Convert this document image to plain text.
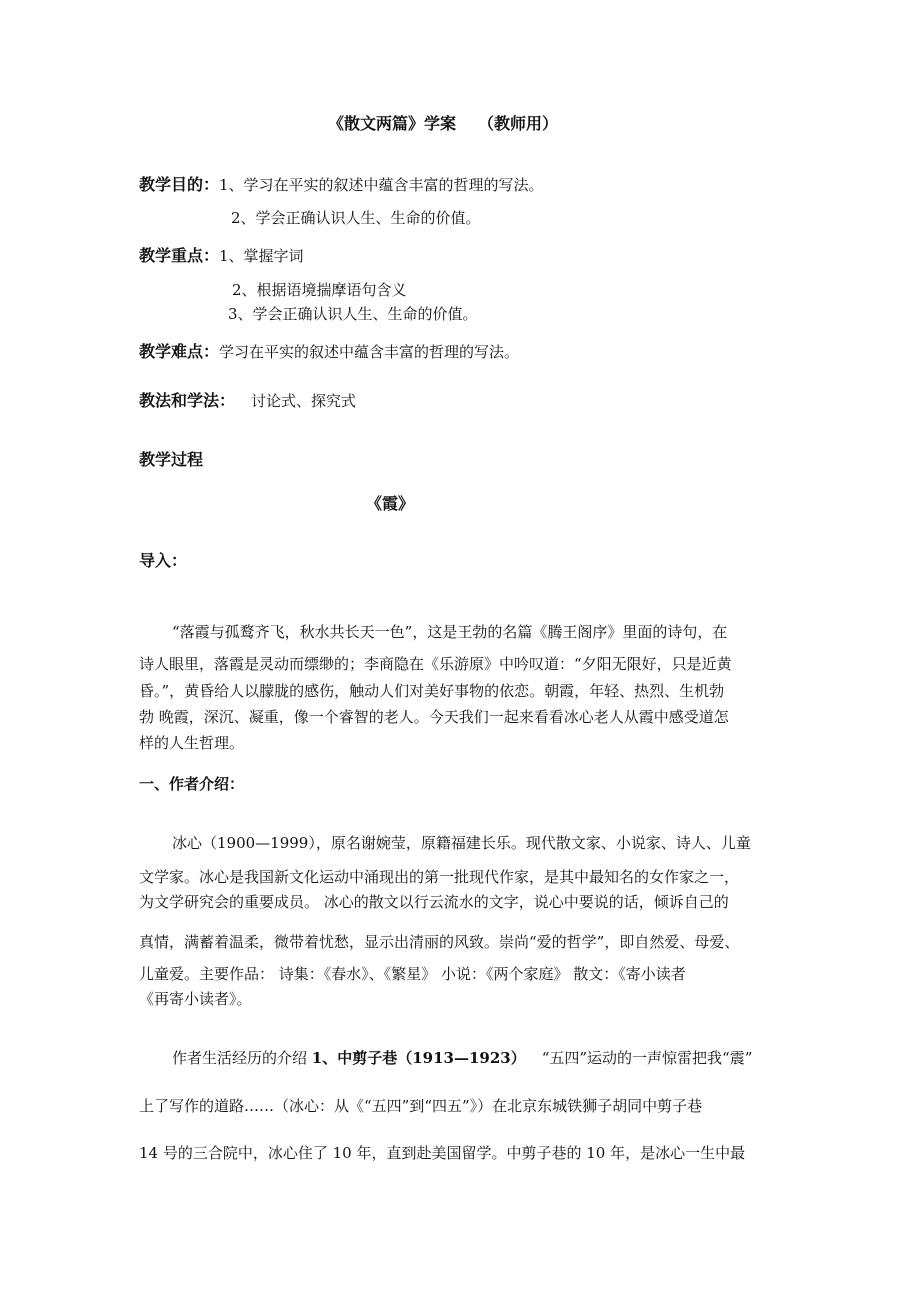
《散文两篇》学案 （教师用）
教学目的：1、学习在平实的叙述中蕴含丰富的哲理的写法。
2、学会正确认识人生、生命的价值。
教学重点：1、掌握字词
2、根据语境揣摩语句含义
3、学会正确认识人生、生命的价值。
教学难点：学习在平实的叙述中蕴含丰富的哲理的写法。
教法和学法： 讨论式、探究式
教学过程
《霞》
导入：
“落霞与孤鹜齐飞，秋水共长天一色”，这是王勃的名篇《腾王阁序》里面的诗句，在
诗人眼里，落霞是灵动而缥缈的；李商隐在《乐游原》中吟叹道：“夕阳无限好，只是近黄
昏。”，黄昏给人以朦胧的感伤，触动人们对美好事物的依恋。朝霞，年轻、热烈、生机勃
勃 晚霞，深沉、凝重，像一个睿智的老人。今天我们一起来看看冰心老人从霞中感受道怎
样的人生哲理。
一、作者介绍：
冰心（1900—1999），原名谢婉莹，原籍福建长乐。现代散文家、小说家、诗人、儿童
文学家。冰心是我国新文化运动中涌现出的第一批现代作家，是其中最知名的女作家之一，
为文学研究会的重要成员。 冰心的散文以行云流水的文字，说心中要说的话，倾诉自己的
真情，满蓄着温柔，微带着忧愁，显示出清丽的风致。崇尚“爱的哲学”，即自然爱、母爱、
儿童爱。主要作品： 诗集：《春水》、《繁星》 小说：《两个家庭》 散文：《寄小读者
《再寄小读者》。
作者生活经历的介绍 1、中剪子巷（1913—1923） “五四”运动的一声惊雷把我“震”
上了写作的道路……（冰心：从《“五四”到“四五”》）在北京东城铁狮子胡同中剪子巷
14 号的三合院中，冰心住了 10 年，直到赴美国留学。中剪子巷的 10 年，是冰心一生中最
